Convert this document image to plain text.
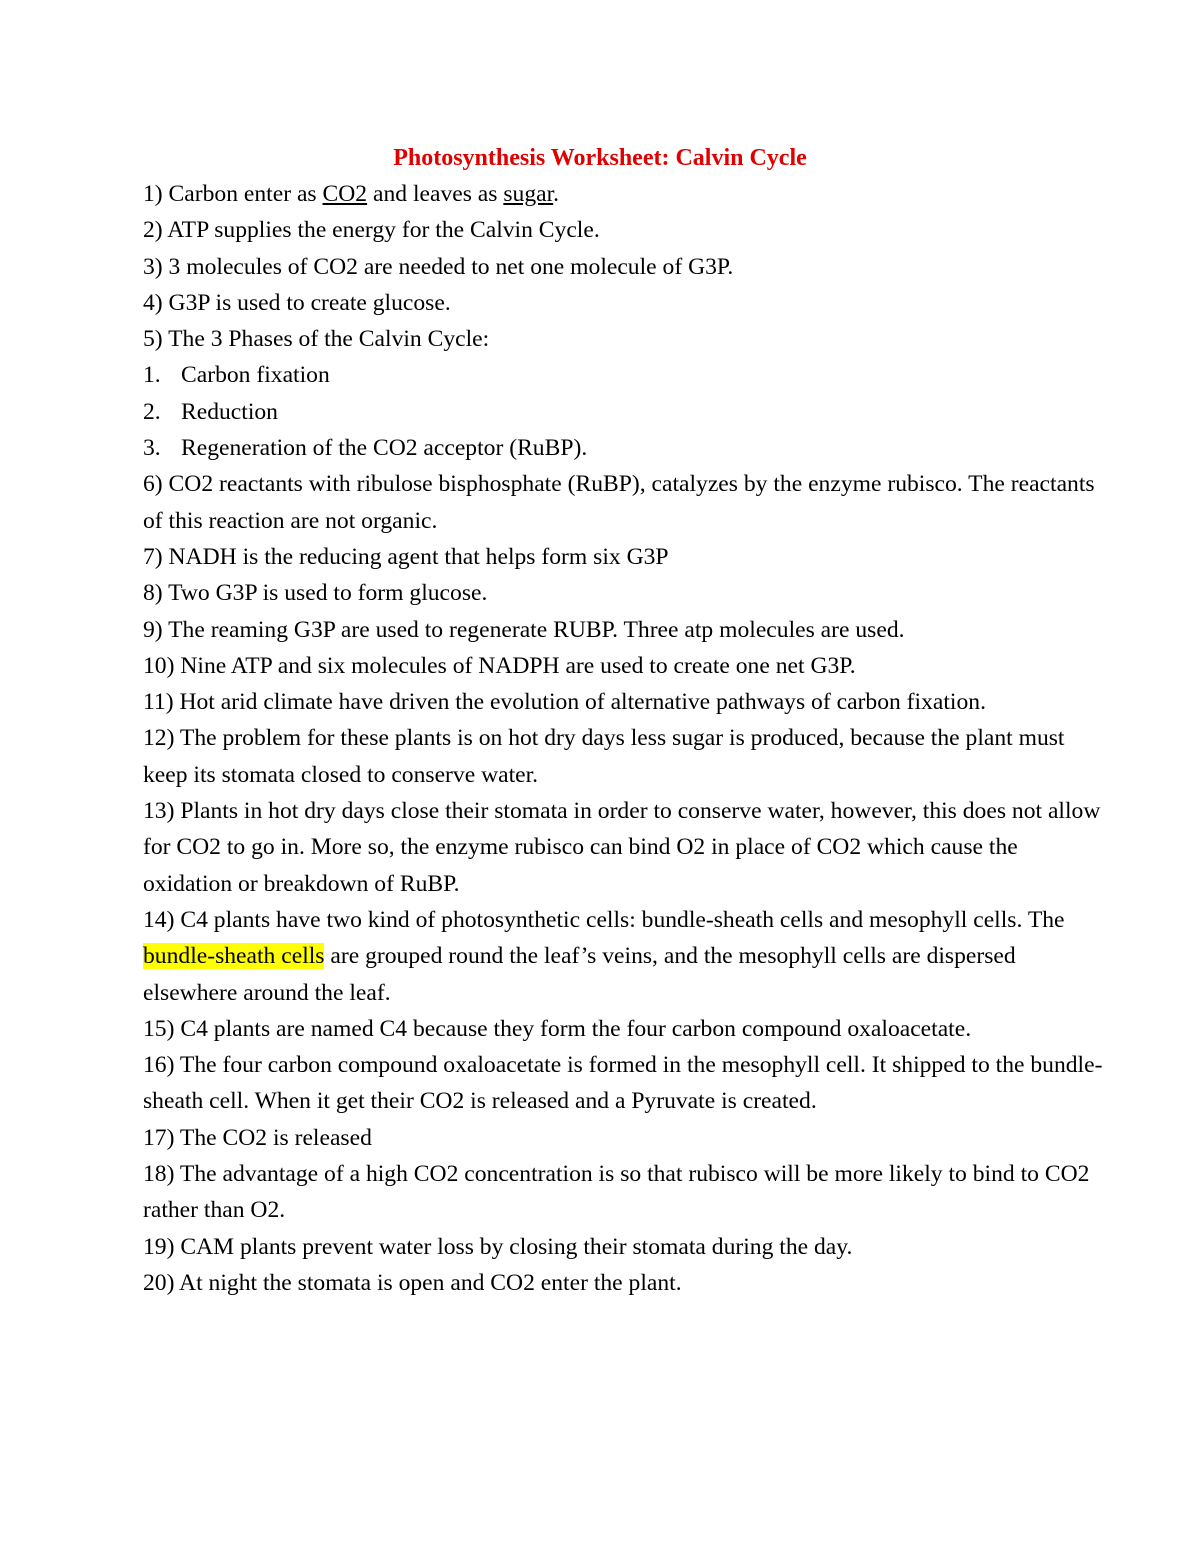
Photosynthesis Worksheet: Calvin Cycle

1) Carbon enter as CO2 and leaves as sugar.

2) ATP supplies the energy for the Calvin Cycle.

3) 3 molecules of CO2 are needed to net one molecule of G3P.

4) G3P is used to create glucose.

5) The 3 Phases of the Calvin Cycle:

1. Carbon fixation

2. Reduction

3. Regeneration of the CO2 acceptor (RuBP).

6) CO2 reactants with ribulose bisphosphate (RuBP), catalyzes by the enzyme rubisco. The reactants of this reaction are not organic.

7) NADH is the reducing agent that helps form six G3P

8) Two G3P is used to form glucose.

9) The reaming G3P are used to regenerate RUBP. Three atp molecules are used.

10) Nine ATP and six molecules of NADPH are used to create one net G3P.

11) Hot arid climate have driven the evolution of alternative pathways of carbon fixation.

12) The problem for these plants is on hot dry days less sugar is produced, because the plant must keep its stomata closed to conserve water.

13) Plants in hot dry days close their stomata in order to conserve water, however, this does not allow for CO2 to go in. More so, the enzyme rubisco can bind O2 in place of CO2 which cause the oxidation or breakdown of RuBP.

14) C4 plants have two kind of photosynthetic cells: bundle-sheath cells and mesophyll cells. The bundle-sheath cells are grouped round the leaf’s veins, and the mesophyll cells are dispersed elsewhere around the leaf.

15) C4 plants are named C4 because they form the four carbon compound oxaloacetate.

16) The four carbon compound oxaloacetate is formed in the mesophyll cell. It shipped to the bundle-sheath cell. When it get their CO2 is released and a Pyruvate is created.

17) The CO2 is released

18) The advantage of a high CO2 concentration is so that rubisco will be more likely to bind to CO2 rather than O2.

19) CAM plants prevent water loss by closing their stomata during the day.

20) At night the stomata is open and CO2 enter the plant.
